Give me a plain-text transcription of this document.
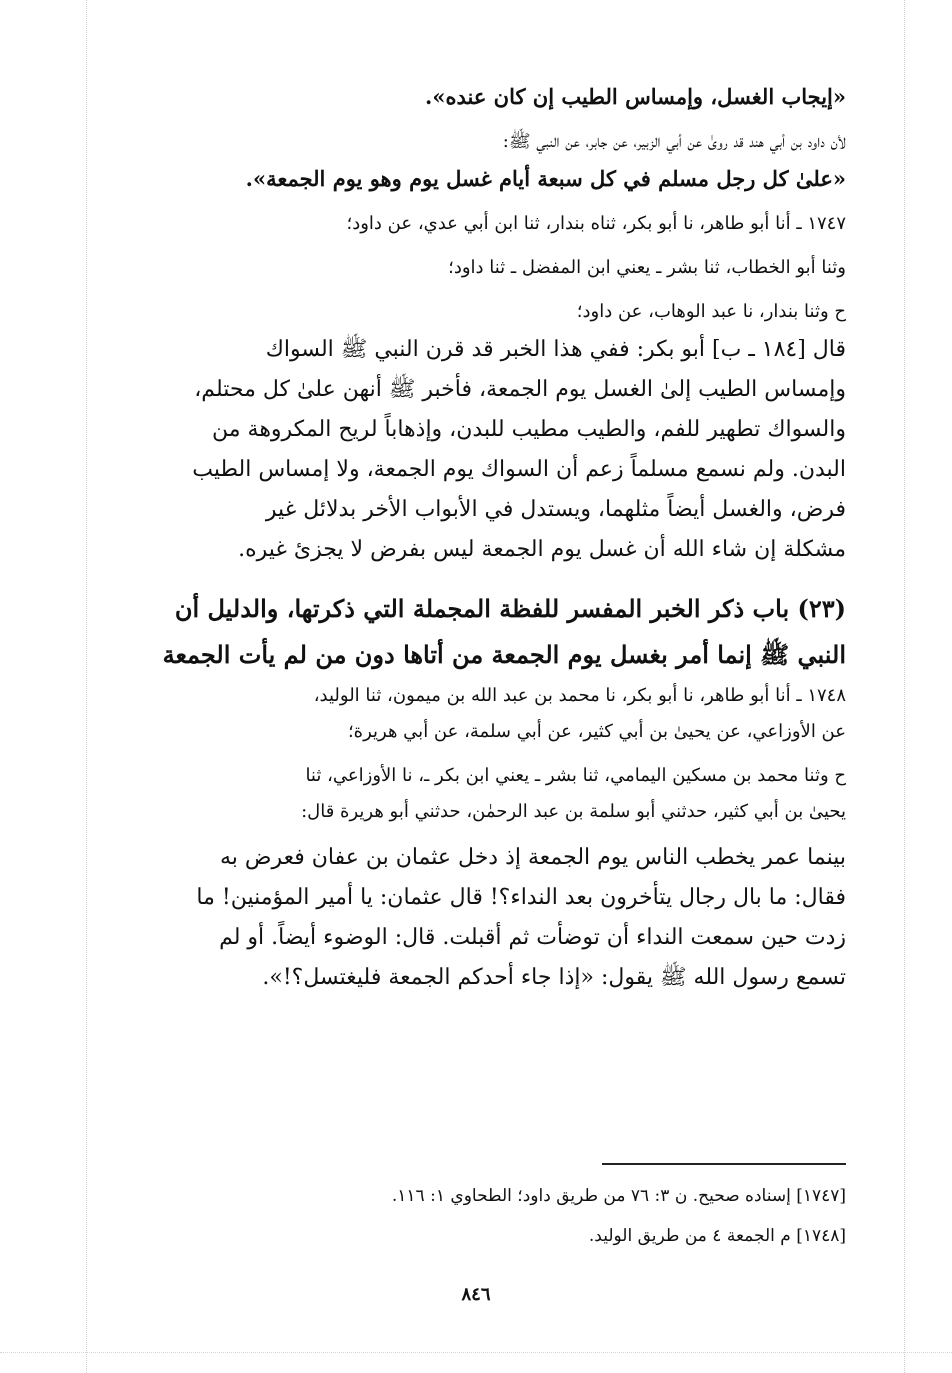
«إيجاب الغسل، وإمساس الطيب إن كان عنده».
لأن داود بن أبي هند قد رویٰ عن أبي الزبير، عن جابر، عن النبي ﷺ:
«علىٰ كل رجل مسلم في كل سبعة أيام غسل يوم وهو يوم الجمعة».
١٧٤٧ ـ أنا أبو طاهر، نا أبو بكر، ثناه بندار، ثنا ابن أبي عدي، عن داود؛
وثنا أبو الخطاب، ثنا بشر ـ يعني ابن المفضل ـ ثنا داود؛
ح وثنا بندار، نا عبد الوهاب، عن داود؛
قال [١٨٤ ـ ب] أبو بكر: ففي هذا الخبر قد قرن النبي ﷺ السواك
وإمساس الطيب إلىٰ الغسل يوم الجمعة، فأخبر ﷺ أنهن علىٰ كل محتلم،
والسواك تطهير للفم، والطيب مطيب للبدن، وإذهاباً لريح المكروهة من
البدن. ولم نسمع مسلماً زعم أن السواك يوم الجمعة، ولا إمساس الطيب
فرض، والغسل أيضاً مثلهما، ويستدل في الأبواب الأخر بدلائل غير
مشكلة إن شاء الله أن غسل يوم الجمعة ليس بفرض لا يجزئ غيره.
(٢٣) باب ذكر الخبر المفسر للفظة المجملة التي ذكرتها، والدليل أن
النبي ﷺ إنما أمر بغسل يوم الجمعة من أتاها دون من لم يأت الجمعة
١٧٤٨ ـ أنا أبو طاهر، نا أبو بكر، نا محمد بن عبد الله بن ميمون، ثنا الوليد،
عن الأوزاعي، عن يحيىٰ بن أبي كثير، عن أبي سلمة، عن أبي هريرة؛
ح وثنا محمد بن مسكين اليمامي، ثنا بشر ـ يعني ابن بكر ـ، نا الأوزاعي، ثنا
يحيىٰ بن أبي كثير، حدثني أبو سلمة بن عبد الرحمٰن، حدثني أبو هريرة قال:
بينما عمر يخطب الناس يوم الجمعة إذ دخل عثمان بن عفان فعرض به
فقال: ما بال رجال يتأخرون بعد النداء؟! قال عثمان: يا أمير المؤمنين! ما
زدت حين سمعت النداء أن توضأت ثم أقبلت. قال: الوضوء أيضاً. أو لم
تسمع رسول الله ﷺ يقول: «إذا جاء أحدكم الجمعة فليغتسل؟!».
[١٧٤٧] إسناده صحيح. ن ٣: ٧٦ من طريق داود؛ الطحاوي ١: ١١٦.
[١٧٤٨] م الجمعة ٤ من طريق الوليد.
٨٤٦
